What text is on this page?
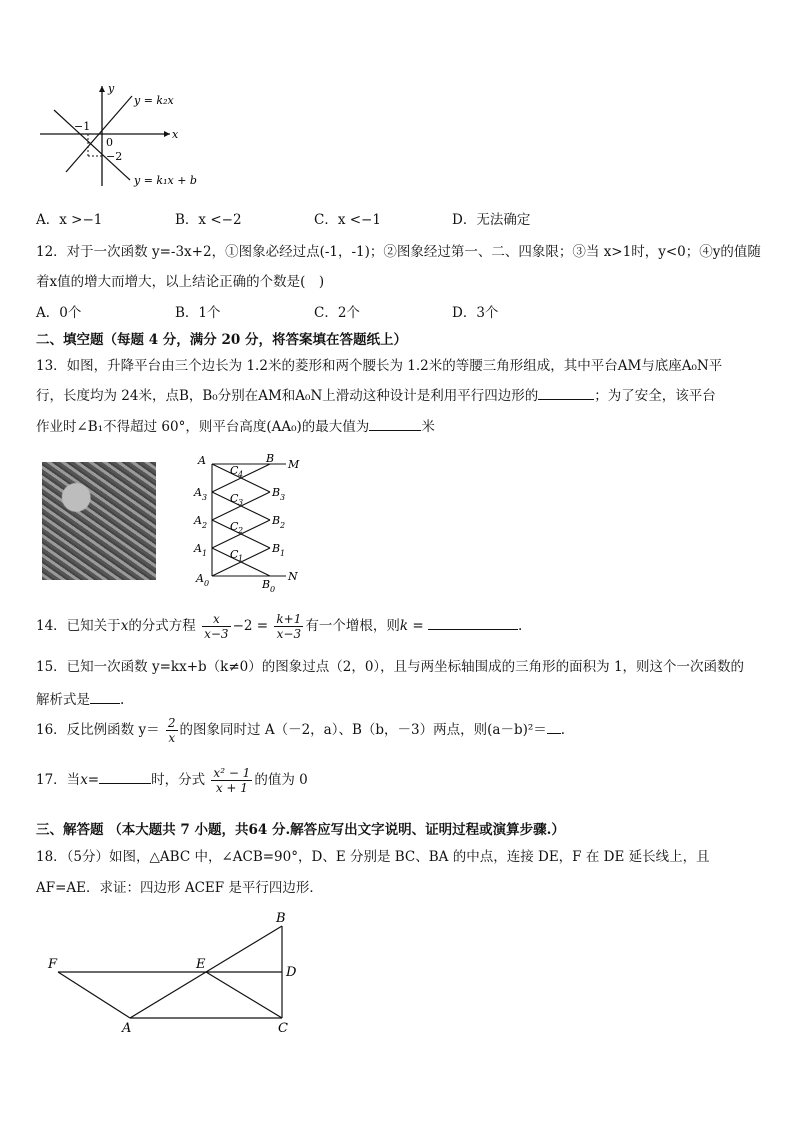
y
x
y = k₂x
y = k₁x + b
−1
0
−2
A．x >−1	B．x <−2	C．x <−1	D．无法确定
12．对于一次函数 y=-3x+2，①图象必经过点(-1，-1)；②图象经过第一、二、四象限；③当 x>1时，y<0；④y的值随
着x值的增大而增大，以上结论正确的个数是(　)
A．0个	B．1个	C．2个	D．3个
二、填空题（每题 4 分，满分 20 分，将答案填在答题纸上）
13．如图，升降平台由三个边长为 1.2米的菱形和两个腰长为 1.2米的等腰三角形组成，其中平台AM与底座A₀N平
行，长度均为 24米，点B，B₀分别在AM和A₀N上滑动这种设计是利用平行四边形的	；为了安全，该平台
作业时∠B₁不得超过 60°，则平台高度(AA₀)的最大值为	米
A	B M
N
A 3	B 3
A 2	B 2
A 1	B 1
A 0	B 0
C 4
C 3
C 2
C 1
14．已知关于x的分式方程 $\frac{x}{x-3} -2 = \frac{k+1}{x-3}$ 有一个增根，则k =	.
15．已知一次函数 y=kx+b（k≠0）的图象过点（2，0），且与两坐标轴围成的三角形的面积为 1，则这个一次函数的
解析式是 .
16．反比例函数 $y= \frac{2}{x}$ 的图象同时过 A（－2，a）、B（b，－3）两点，则(a－b)²＝ .
17．当x=	时，分式 $\frac{\text{x² − 1}}{x + 1}$ 的值为 0
三、解答题 （本大题共 7 小题，共64 分.解答应写出文字说明、证明过程或演算步骤.）
18．（5分）如图，△ABC 中，∠ACB=90°，D、E 分别是 BC、BA 的中点，连接 DE，F 在 DE 延长线上，且
AF=AE．求证：四边形 ACEF 是平行四边形．
B
F	E
D
A	C
